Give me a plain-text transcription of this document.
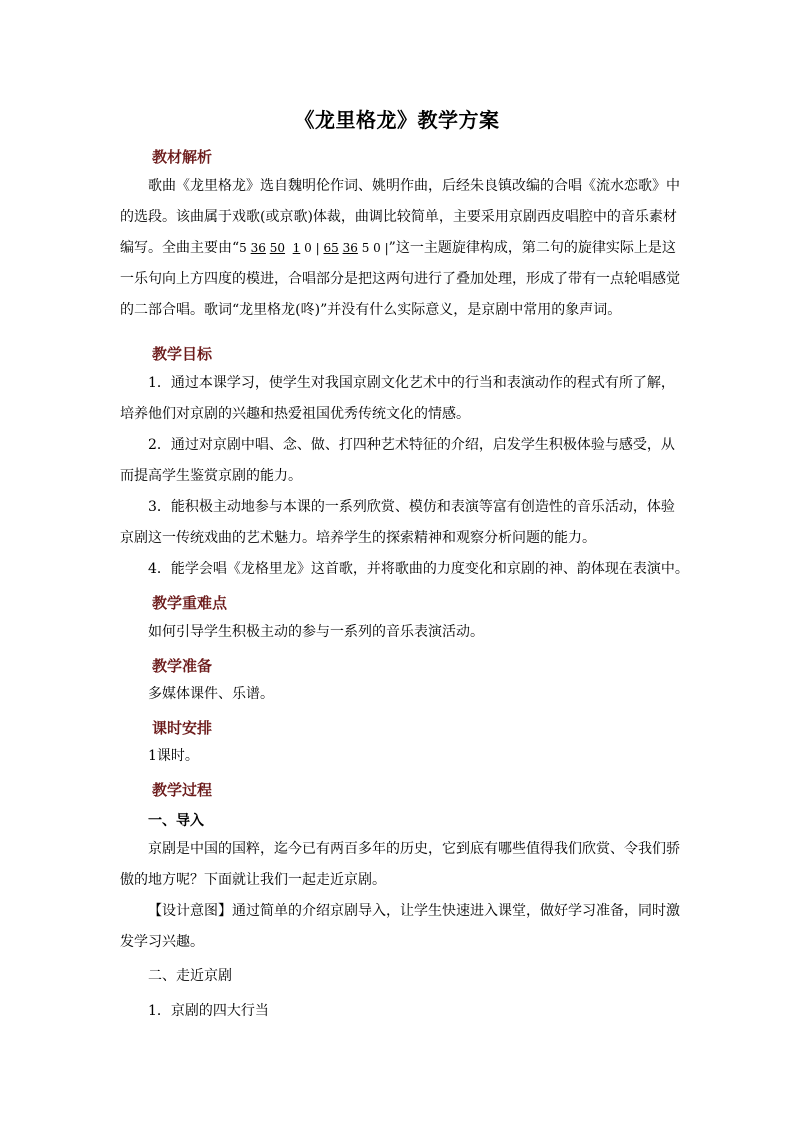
《龙里格龙》教学方案
教材解析
歌曲《龙里格龙》选自魏明伦作词、姚明作曲，后经朱良镇改编的合唱《流水恋歌》中
的选段。该曲属于戏歌(或京歌)体裁，曲调比较简单，主要采用京剧西皮唱腔中的音乐素材
编写。全曲主要由“5 36 50  · 1 0 | 65 36 5 0 |”这一主题旋律构成，第二句的旋律实际上是这
一乐句向上方四度的模进，合唱部分是把这两句进行了叠加处理，形成了带有一点轮唱感觉
的二部合唱。歌词“龙里格龙(咚)”并没有什么实际意义，是京剧中常用的象声词。
教学目标
1．通过本课学习，使学生对我国京剧文化艺术中的行当和表演动作的程式有所了解，
培养他们对京剧的兴趣和热爱祖国优秀传统文化的情感。
2．通过对京剧中唱、念、做、打四种艺术特征的介绍，启发学生积极体验与感受，从
而提高学生鉴赏京剧的能力。
3．能积极主动地参与本课的一系列欣赏、模仿和表演等富有创造性的音乐活动，体验
京剧这一传统戏曲的艺术魅力。培养学生的探索精神和观察分析问题的能力。
4．能学会唱《龙格里龙》这首歌，并将歌曲的力度变化和京剧的神、韵体现在表演中。
教学重难点
如何引导学生积极主动的参与一系列的音乐表演活动。
教学准备
多媒体课件、乐谱。
课时安排
1课时。
教学过程
一、导入
京剧是中国的国粹，迄今已有两百多年的历史，它到底有哪些值得我们欣赏、令我们骄
傲的地方呢？下面就让我们一起走近京剧。
【设计意图】通过简单的介绍京剧导入，让学生快速进入课堂，做好学习准备，同时激
发学习兴趣。
二、走近京剧
1．京剧的四大行当
